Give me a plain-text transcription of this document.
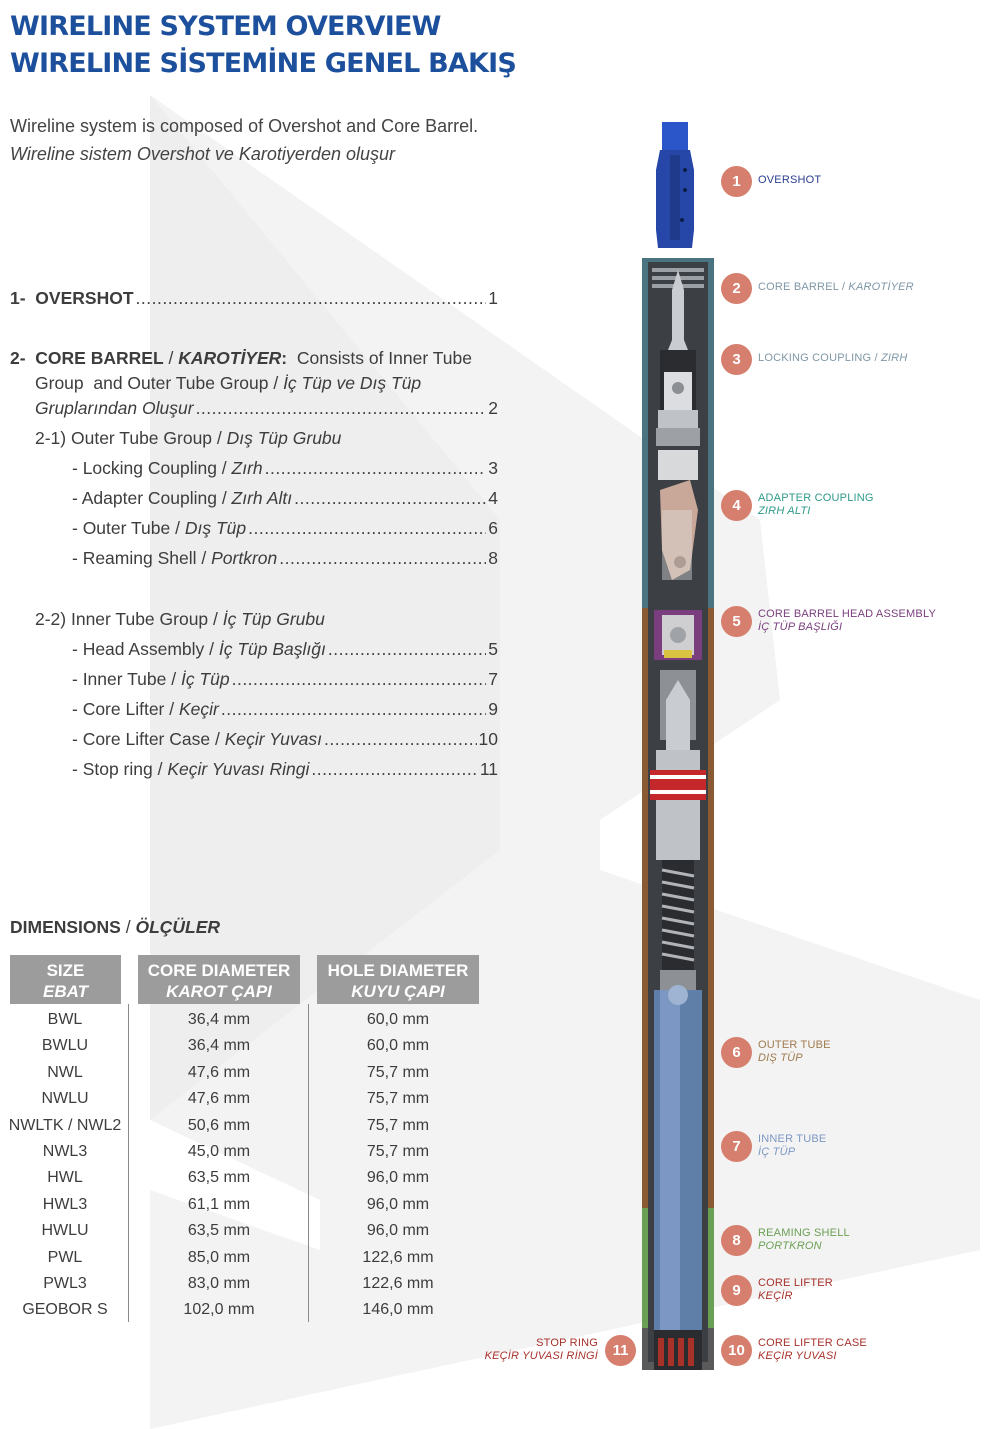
WIRELINE SYSTEM OVERVIEW
WIRELINE SİSTEMİNE GENEL BAKIŞ
Wireline system is composed of Overshot and Core Barrel.
Wireline sistem Overshot ve Karotiyerden oluşur
1-
OVERSHOT .....	1
2-
CORE BARREL / KAROTİYER :
Consists of Inner Tube
Group  and Outer Tube Group / İç Tüp ve Dış Tüp
Gruplarından Oluşur .....	2
2-1) Outer Tube Group / Dış Tüp Grubu
- Locking Coupling / Zırh .....	3
- Adapter Coupling / Zırh Altı .....	4
- Outer Tube / Dış Tüp .....	6
- Reaming Shell / Portkron .....	8
2-2) Inner Tube Group / İç Tüp Grubu
- Head Assembly / İç Tüp Başlığı .....	5
- Inner Tube / İç Tüp .....	7
- Core Lifter / Keçir .....	9
- Core Lifter Case / Keçir Yuvası .....	10
- Stop ring / Keçir Yuvası Ringi .....	11
DIMENSIONS / ÖLÇÜLER
SIZE
EBAT
CORE DIAMETER
KAROT ÇAPI
HOLE DIAMETER
KUYU ÇAPI
BWL	36,4 mm	60,0 mm
BWLU	36,4 mm	60,0 mm
NWL	47,6 mm	75,7 mm
NWLU	47,6 mm	75,7 mm
NWLTK / NWL2	50,6 mm	75,7 mm
NWL3	45,0 mm	75,7 mm
HWL	63,5 mm	96,0 mm
HWL3	61,1 mm	96,0 mm
HWLU	63,5 mm	96,0 mm
PWL	85,0 mm	122,6 mm
PWL3	83,0 mm	122,6 mm
GEOBOR S	102,0 mm	146,0 mm
1	OVERSHOT
2	CORE BARREL / KAROTİYER
3	LOCKING COUPLING / ZIRH
4	ADAPTER COUPLING
ZIRH ALTI
5	CORE BARREL HEAD ASSEMBLY
İÇ TÜP BAŞLIĞI
6	OUTER TUBE
DIŞ TÜP
7	INNER TUBE
İÇ TÜP
8	REAMING SHELL
PORTKRON
9	CORE LIFTER
KEÇİR
10	CORE LIFTER CASE
KEÇİR YUVASI
11
STOP RING
KEÇİR YUVASI RİNGİ
